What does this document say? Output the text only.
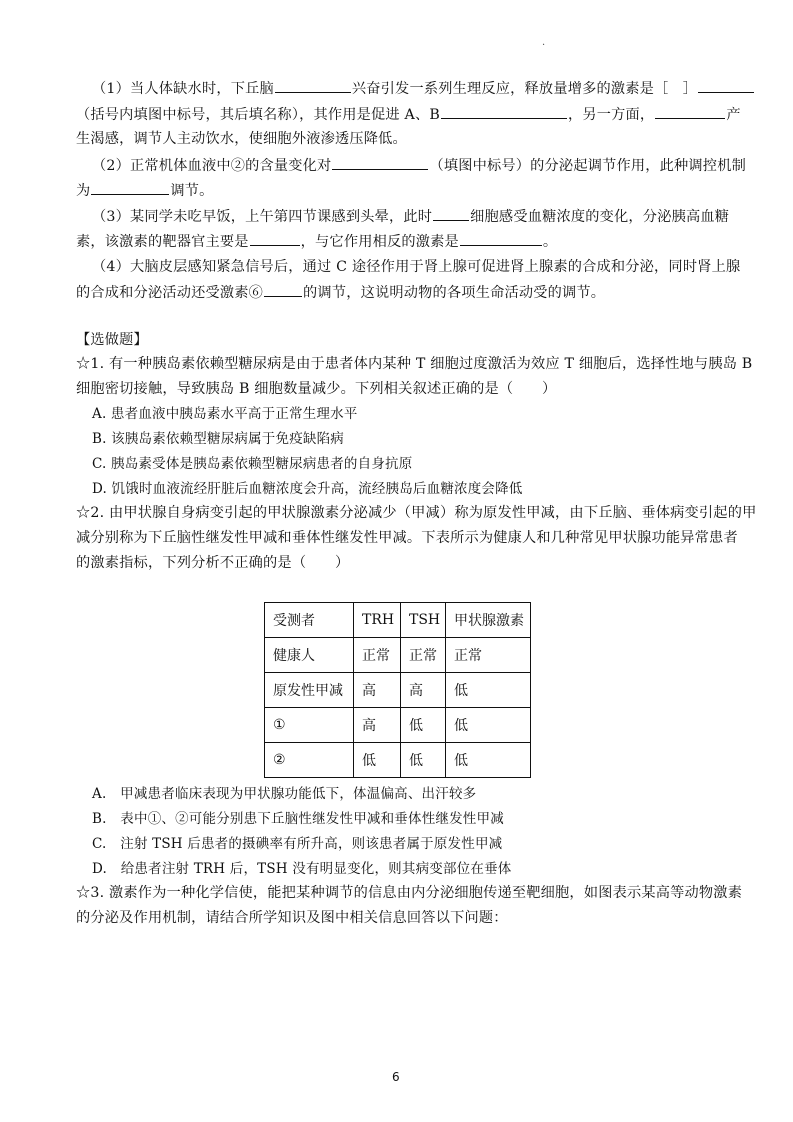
·
（1）当人体缺水时，下丘脑	兴奋引发一系列生理反应，释放量增多的激素是［　］
（括号内填图中标号，其后填名称），其作用是促进 A、B	，另一方面，	产
生渴感，调节人主动饮水，使细胞外液渗透压降低。
（2）正常机体血液中②的含量变化对	（填图中标号）的分泌起调节作用，此种调控机制
为	调节。
（3）某同学未吃早饭，上午第四节课感到头晕，此时	细胞感受血糖浓度的变化，分泌胰高血糖
素，该激素的靶器官主要是	，与它作用相反的激素是	。
（4）大脑皮层感知紧急信号后，通过 C 途径作用于肾上腺可促进肾上腺素的合成和分泌，同时肾上腺
的合成和分泌活动还受激素⑥	的调节，这说明动物的各项生命活动受的调节。
【选做题】
☆1. 有一种胰岛素依赖型糖尿病是由于患者体内某种 T 细胞过度激活为效应 T 细胞后，选择性地与胰岛 B
细胞密切接触，导致胰岛 B 细胞数量减少。下列相关叙述正确的是（　　）
A. 患者血液中胰岛素水平高于正常生理水平
B. 该胰岛素依赖型糖尿病属于免疫缺陷病
C. 胰岛素受体是胰岛素依赖型糖尿病患者的自身抗原
D. 饥饿时血液流经肝脏后血糖浓度会升高，流经胰岛后血糖浓度会降低
☆2. 由甲状腺自身病变引起的甲状腺激素分泌减少（甲减）称为原发性甲减，由下丘脑、垂体病变引起的甲
减分别称为下丘脑性继发性甲减和垂体性继发性甲减。下表所示为健康人和几种常见甲状腺功能异常患者
的激素指标，下列分析不正确的是（　　）
受测者	TRH	TSH	甲状腺激素
健康人	正常	正常	正常
原发性甲减	高	高	低
①	高	低	低
②	低	低	低
A.　甲减患者临床表现为甲状腺功能低下，体温偏高、出汗较多
B.　表中①、②可能分别患下丘脑性继发性甲减和垂体性继发性甲减
C.　注射 TSH 后患者的摄碘率有所升高，则该患者属于原发性甲减
D.　给患者注射 TRH 后，TSH 没有明显变化，则其病变部位在垂体
☆3. 激素作为一种化学信使，能把某种调节的信息由内分泌细胞传递至靶细胞，如图表示某高等动物激素
的分泌及作用机制，请结合所学知识及图中相关信息回答以下问题：
6
